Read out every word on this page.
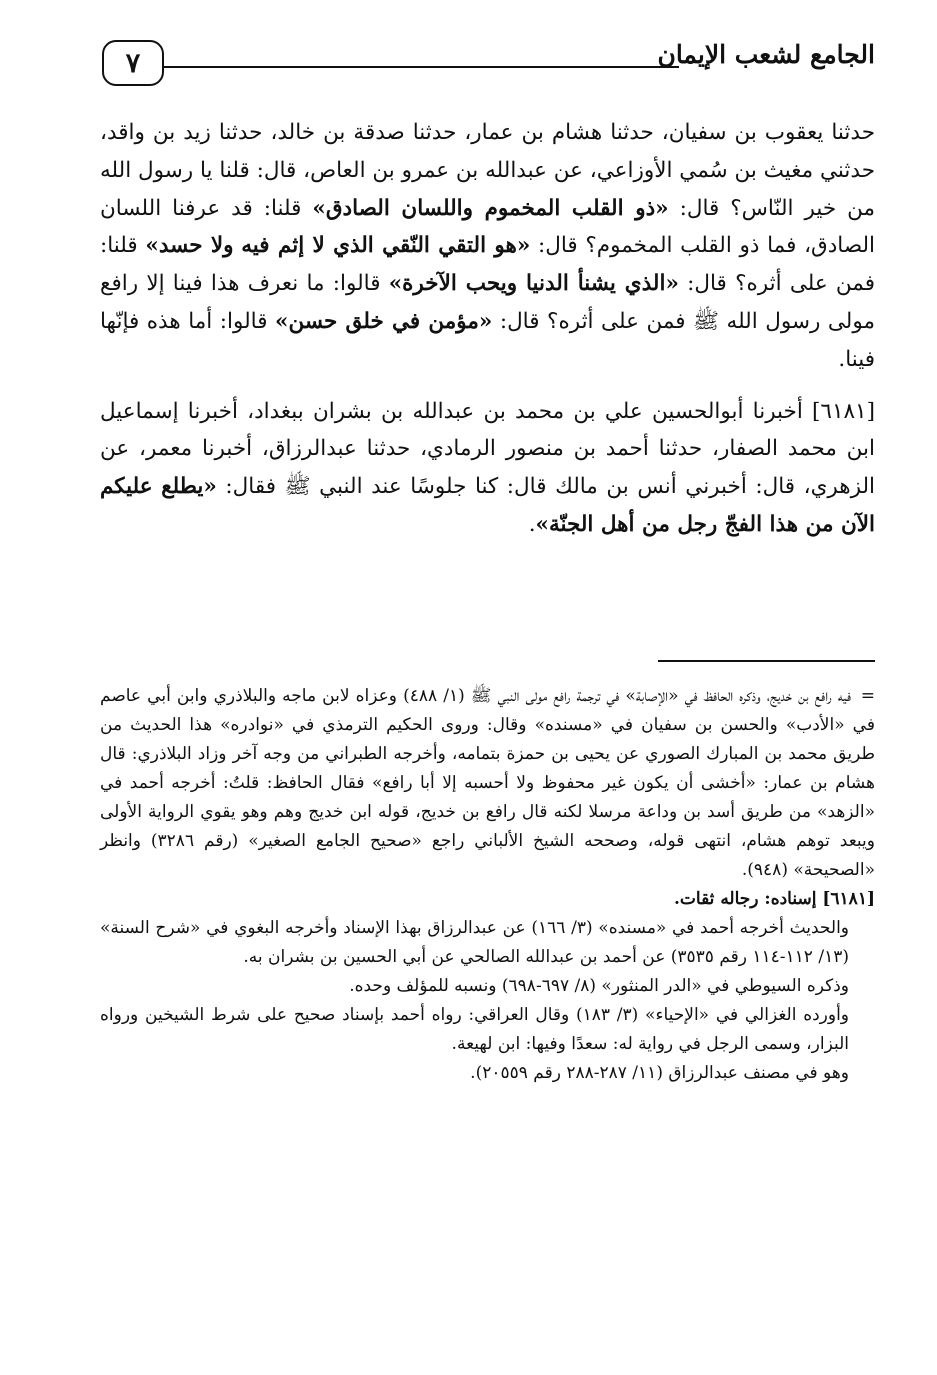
الجامع لشعب الإيمان
٧

حدثنا يعقوب بن سفيان، حدثنا هشام بن عمار، حدثنا صدقة بن خالد، حدثنا زيد بن واقد، حدثني مغيث بن سُمي الأوزاعي، عن عبدالله بن عمرو بن العاص، قال: قلنا يا رسول الله من خير النّاس؟ قال: «ذو القلب المخموم واللسان الصادق» قلنا: قد عرفنا اللسان الصادق، فما ذو القلب المخموم؟ قال: «هو التقي النّقي الذي لا إثم فيه ولا حسد» قلنا: فمن على أثره؟ قال: «الذي يشنأ الدنيا ويحب الآخرة» قالوا: ما نعرف هذا فينا إلا رافع مولى رسول الله ﷺ فمن على أثره؟ قال: «مؤمن في خلق حسن» قالوا: أما هذه فإنّها فينا.

[٦١٨١] أخبرنا أبوالحسين علي بن محمد بن عبدالله بن بشران ببغداد، أخبرنا إسماعيل ابن محمد الصفار، حدثنا أحمد بن منصور الرمادي، حدثنا عبدالرزاق، أخبرنا معمر، عن الزهري، قال: أخبرني أنس بن مالك قال: كنا جلوسًا عند النبي ﷺ فقال: «يطلع عليكم الآن من هذا الفجّ رجل من أهل الجنّة».

=فيه رافع بن خديج، وذكره الحافظ في «الإصابة» في ترجمة رافع مولى النبي ﷺ (١/ ٤٨٨) وعزاه لابن ماجه والبلاذري وابن أبي عاصم في «الأدب» والحسن بن سفيان في «مسنده» وقال: وروى الحكيم الترمذي في «نوادره» هذا الحديث من طريق محمد بن المبارك الصوري عن يحيى بن حمزة بتمامه، وأخرجه الطبراني من وجه آخر وزاد البلاذري: قال هشام بن عمار: «أخشى أن يكون غير محفوظ ولا أحسبه إلا أبا رافع» فقال الحافظ: قلتُ: أخرجه أحمد في «الزهد» من طريق أسد بن وداعة مرسلا لكنه قال رافع بن خديج، قوله ابن خديج وهم وهو يقوي الرواية الأولى ويبعد توهم هشام، انتهى قوله، وصححه الشيخ الألباني راجع «صحيح الجامع الصغير» (رقم ٣٢٨٦) وانظر «الصحيحة» (٩٤٨).

[٦١٨١] إسناده: رجاله ثقات.

والحديث أخرجه أحمد في «مسنده» (٣/ ١٦٦) عن عبدالرزاق بهذا الإسناد وأخرجه البغوي في «شرح السنة» (١٣/ ١١٢-١١٤ رقم ٣٥٣٥) عن أحمد بن عبدالله الصالحي عن أبي الحسين بن بشران به.

وذكره السيوطي في «الدر المنثور» (٨/ ٦٩٧-٦٩٨) ونسبه للمؤلف وحده.

وأورده الغزالي في «الإحياء» (٣/ ١٨٣) وقال العراقي: رواه أحمد بإسناد صحيح على شرط الشيخين ورواه البزار، وسمى الرجل في رواية له: سعدًا وفيها: ابن لهيعة.

وهو في مصنف عبدالرزاق (١١/ ٢٨٧-٢٨٨ رقم ٢٠٥٥٩).
